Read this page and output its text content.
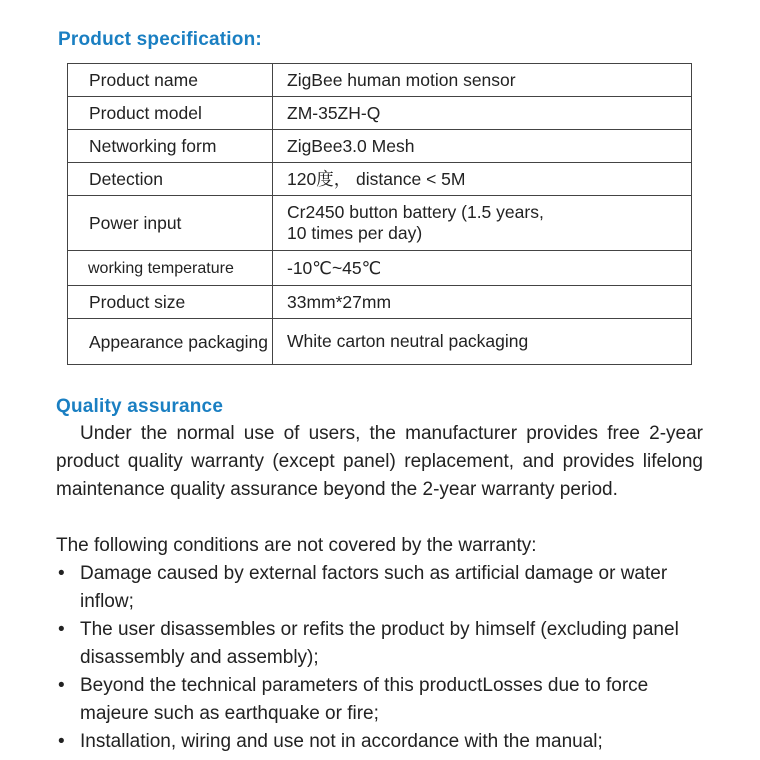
Product specification:
Product name	ZigBee human motion sensor
Product model	ZM-35ZH-Q
Networking form	ZigBee3.0 Mesh
Detection	120度， distance < 5M
Power input	Cr2450 button battery (1.5 years,
10 times per day)
working temperature	-10℃~45℃
Product size	33mm*27mm
Appearance packaging	White carton neutral packaging
Quality assurance
Under the normal use of users, the manufacturer provides free 2-year product quality warranty (except panel) replacement, and provides lifelong maintenance quality assurance beyond the 2-year warranty period.
The following conditions are not covered by the warranty:
• Damage caused by external factors such as artificial damage or water inflow;
• The user disassembles or refits the product by himself (excluding panel disassembly and assembly);
• Beyond the technical parameters of this productLosses due to force majeure such as earthquake or fire;
• Installation, wiring and use not in accordance with the manual;
